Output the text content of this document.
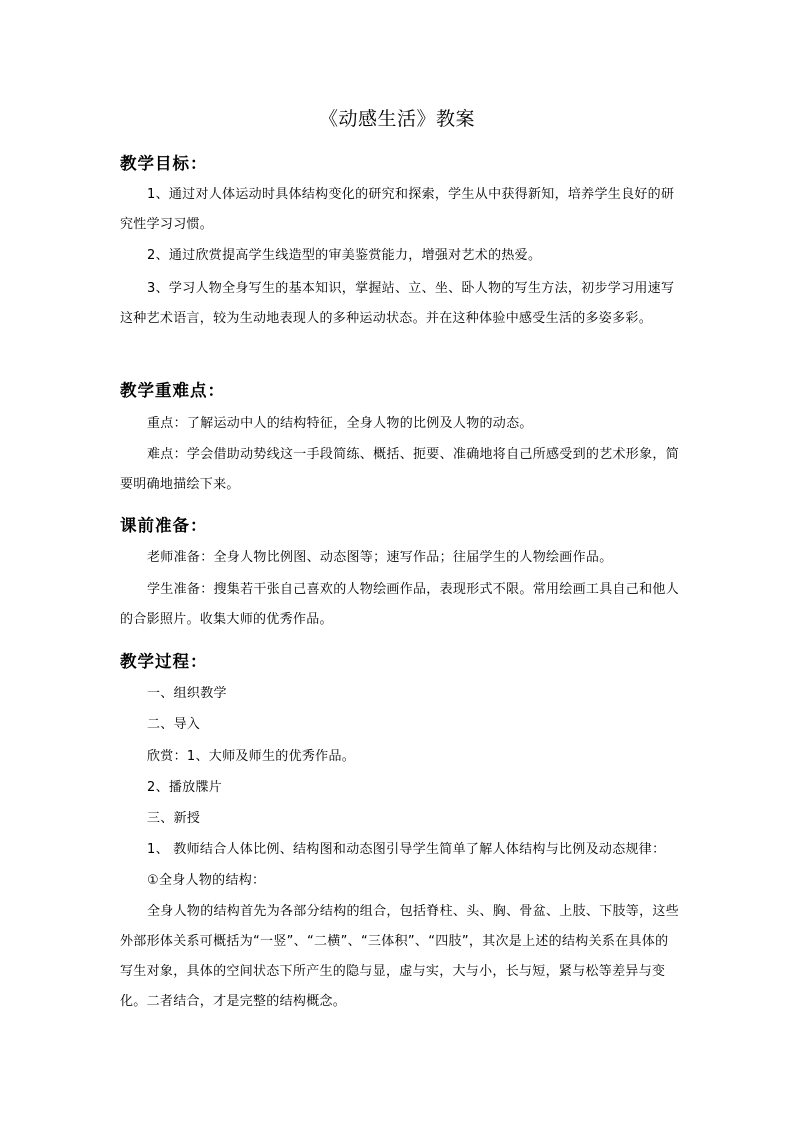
《动感生活》教案
教学目标：
1、通过对人体运动时具体结构变化的研究和探索，学生从中获得新知，培养学生良好的研究性学习习惯。
2、通过欣赏提高学生线造型的审美鉴赏能力，增强对艺术的热爱。
3、学习人物全身写生的基本知识，掌握站、立、坐、卧人物的写生方法，初步学习用速写这种艺术语言，较为生动地表现人的多种运动状态。并在这种体验中感受生活的多姿多彩。
教学重难点：
重点：了解运动中人的结构特征，全身人物的比例及人物的动态。
难点：学会借助动势线这一手段简练、概括、扼要、准确地将自己所感受到的艺术形象，简要明确地描绘下来。
课前准备：
老师准备：全身人物比例图、动态图等；速写作品；往届学生的人物绘画作品。
学生准备：搜集若干张自己喜欢的人物绘画作品，表现形式不限。常用绘画工具自己和他人的合影照片。收集大师的优秀作品。
教学过程：
一、组织教学
二、导入
欣赏：1、大师及师生的优秀作品。
2、播放牒片
三、新授
1、 教师结合人体比例、结构图和动态图引导学生简单了解人体结构与比例及动态规律：
①全身人物的结构：
全身人物的结构首先为各部分结构的组合，包括脊柱、头、胸、骨盆、上肢、下肢等，这些外部形体关系可概括为“一竖”、“二横”、“三体积”、“四肢”，其次是上述的结构关系在具体的写生对象，具体的空间状态下所产生的隐与显，虚与实，大与小，长与短，紧与松等差异与变化。二者结合，才是完整的结构概念。
